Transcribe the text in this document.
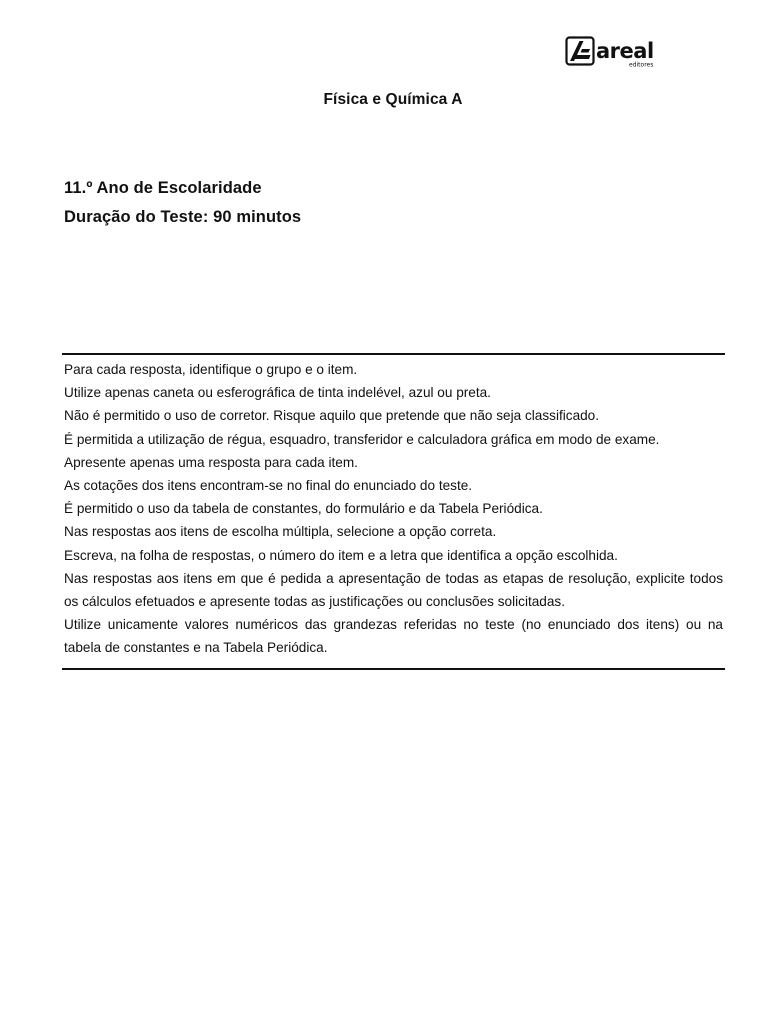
areal
editores
Física e Química A
11.º Ano de Escolaridade
Duração do Teste: 90 minutos
Para cada resposta, identifique o grupo e o item.
Utilize apenas caneta ou esferográfica de tinta indelével, azul ou preta.
Não é permitido o uso de corretor. Risque aquilo que pretende que não seja classificado.
É permitida a utilização de régua, esquadro, transferidor e calculadora gráfica em modo de exame.
Apresente apenas uma resposta para cada item.
As cotações dos itens encontram-se no final do enunciado do teste.
É permitido o uso da tabela de constantes, do formulário e da Tabela Periódica.
Nas respostas aos itens de escolha múltipla, selecione a opção correta.
Escreva, na folha de respostas, o número do item e a letra que identifica a opção escolhida.
Nas respostas aos itens em que é pedida a apresentação de todas as etapas de resolução, explicite todos
os cálculos efetuados e apresente todas as justificações ou conclusões solicitadas.
Utilize unicamente valores numéricos das grandezas referidas no teste (no enunciado dos itens) ou na
tabela de constantes e na Tabela Periódica.
